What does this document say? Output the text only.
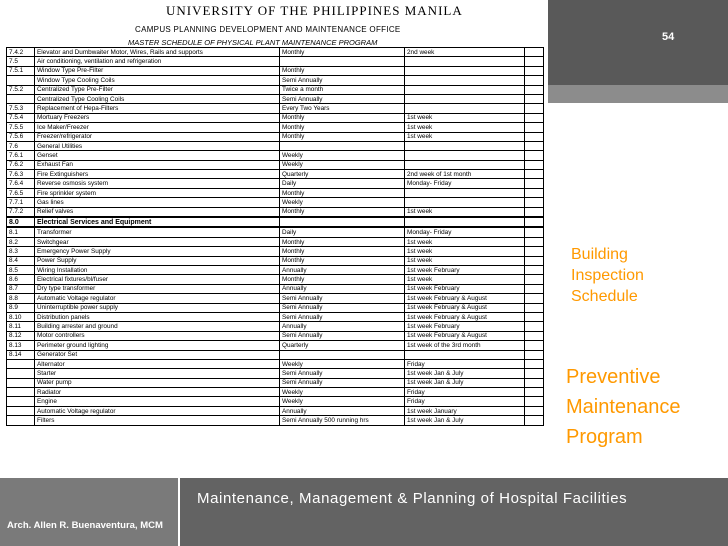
UNIVERSITY OF THE PHILIPPINES MANILA
CAMPUS PLANNING DEVELOPMENT AND MAINTENANCE OFFICE
MASTER SCHEDULE OF PHYSICAL PLANT MAINTENANCE PROGRAM
7.4.2	Elevator and Dumbwaiter Motor, Wires, Rails and supports	Monthly	2nd week	
7.5	Air conditioning, ventilation and refrigeration			
7.5.1	Window Type Pre-Filter	Monthly		
	Window Type Cooling Coils	Semi Annually		
7.5.2	Centralized Type Pre-Filter	Twice a month		
	Centralized Type Cooling Coils	Semi Annually		
7.5.3	Replacement of Hepa-Filters	Every Two Years		
7.5.4	Mortuary Freezers	Monthly	1st week	
7.5.5	Ice Maker/Freezer	Monthly	1st week	
7.5.6	Freezer/refrigerator	Monthly	1st week	
7.6	General Utilities			
7.6.1	Genset	Weekly		
7.6.2	Exhaust Fan	Weekly		
7.6.3	Fire Extinguishers	Quarterly	2nd week of 1st month	
7.6.4	Reverse osmosis system	Daily	Monday- Friday	
7.6.5	Fire sprinkler system	Monthly		
7.7.1	Gas lines	Weekly		
7.7.2	Relief valves	Monthly	1st week	
8.0	Electrical Services and Equipment			
8.1	Transformer	Daily	Monday- Friday	
8.2	Switchgear	Monthly	1st week	
8.3	Emergency Power Supply	Monthly	1st week	
8.4	Power Supply	Monthly	1st week	
8.5	Wiring Installation	Annually	1st week February	
8.6	Electrical fixtures/bl/fuser	Monthly	1st week	
8.7	Dry type transformer	Annually	1st week February	
8.8	Automatic Voltage regulator	Semi Annually	1st week February & August	
8.9	Uninterruptible power supply	Semi Annually	1st week February & August	
8.10	Distribution panels	Semi Annually	1st week February & August	
8.11	Building arrester and ground	Annually	1st week February	
8.12	Motor controllers	Semi Annually	1st week February & August	
8.13	Perimeter ground lighting	Quarterly	1st week of the 3rd month	
8.14	Generator Set			
	Alternator	Weekly	Friday	
	Starter	Semi Annually	1st week Jan & July	
	Water pump	Semi Annually	1st week Jan & July	
	Radiator	Weekly	Friday	
	Engine	Weekly	Friday	
	Automatic Voltage regulator	Annually	1st week January	
	Filters	Semi Annually 500 running hrs	1st week Jan & July	
54
Building Inspection Schedule
Preventive Maintenance Program
Arch. Allen R. Buenaventura, MCM
Maintenance, Management & Planning of Hospital Facilities
